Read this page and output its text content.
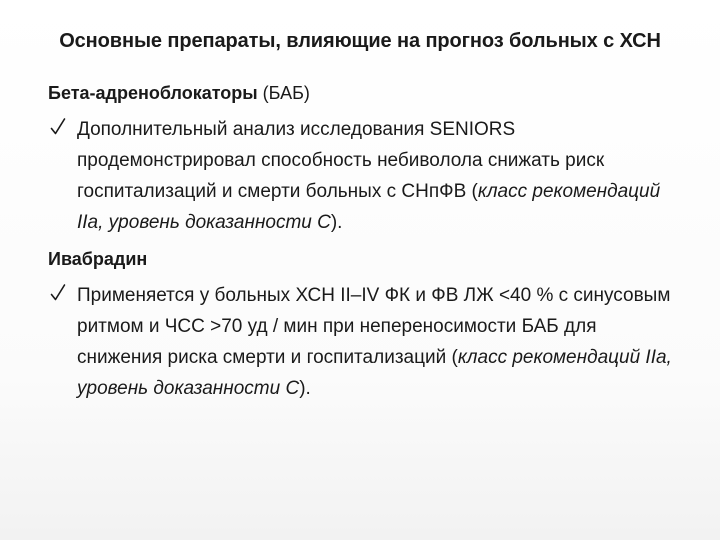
Основные препараты, влияющие на прогноз больных с ХСН
Бета-адреноблокаторы (БАБ)
Дополнительный анализ исследования SENIORS продемонстрировал способность небиволола снижать риск госпитализаций и смерти больных с СНпФВ (класс рекомендаций IIa, уровень доказанности С).
Ивабрадин
Применяется у больных ХСН II–IV ФК и ФВ ЛЖ <40 % с синусовым ритмом и ЧСС >70 уд / мин при непереносимости БАБ для снижения риска смерти и госпитализаций (класс рекомендаций IIa, уровень доказанности С).
